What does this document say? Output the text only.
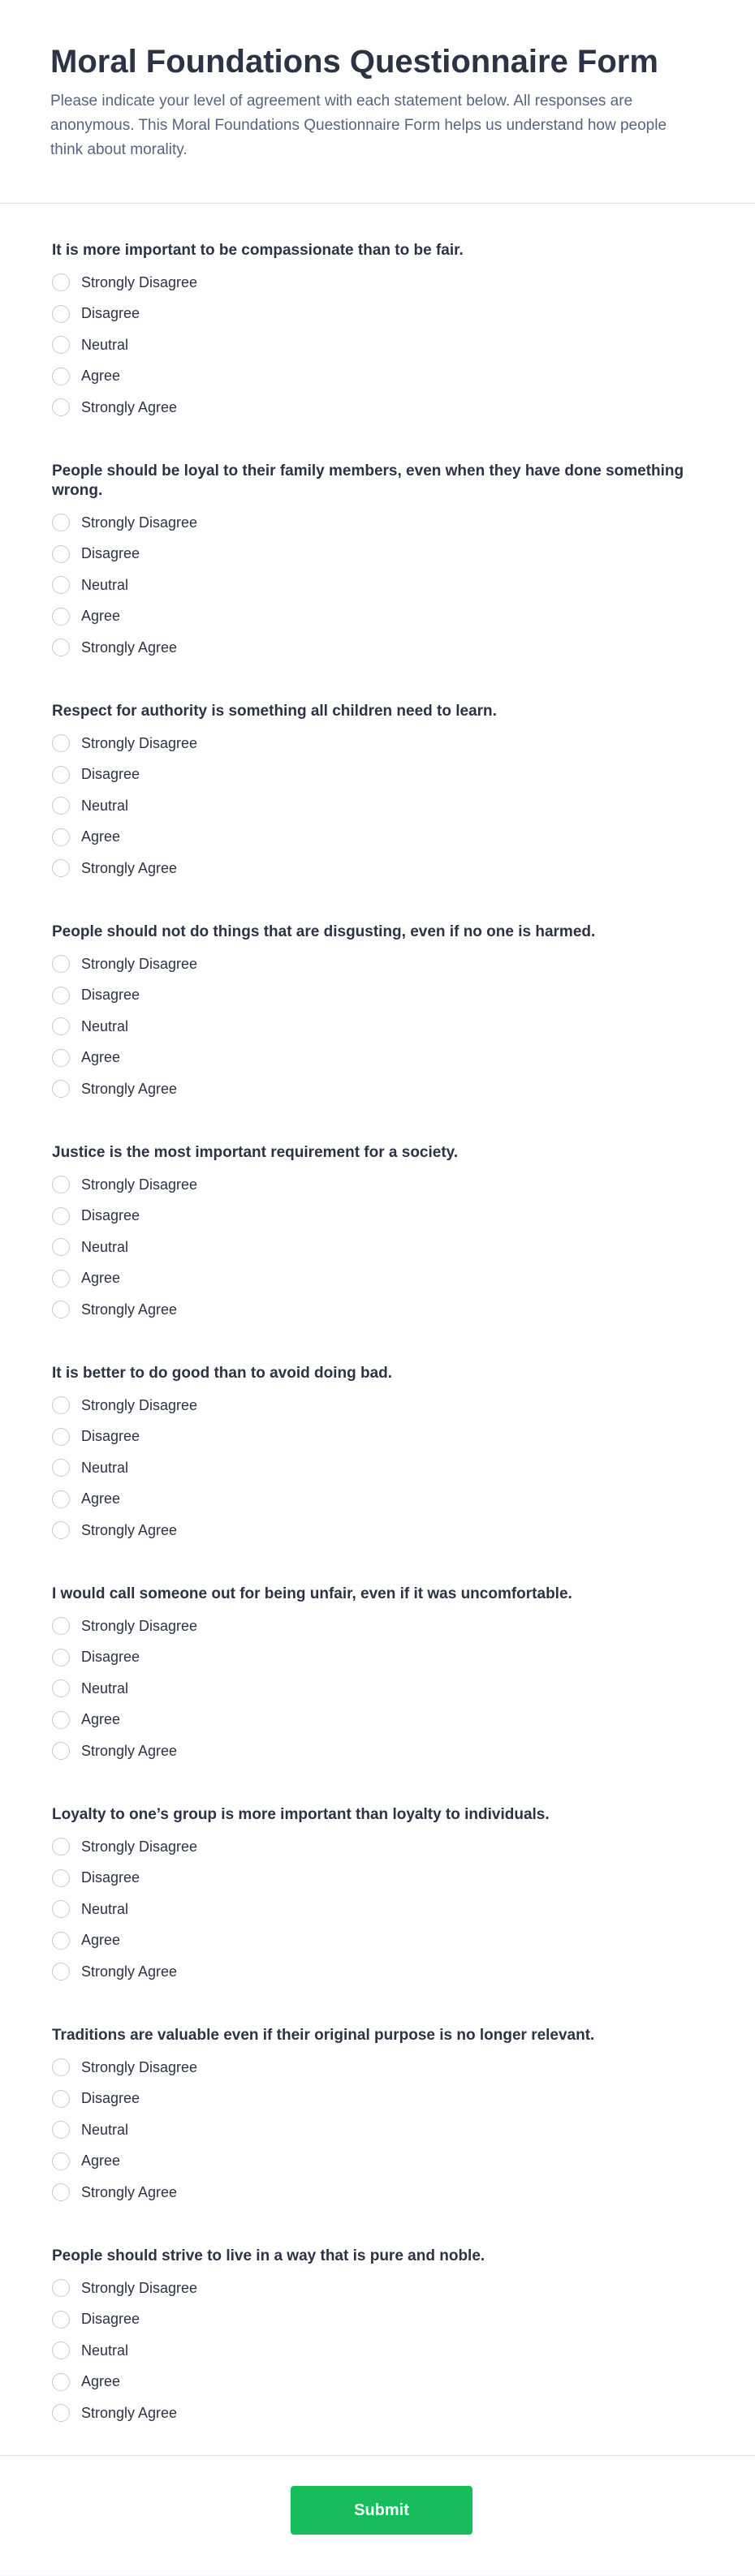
Moral Foundations Questionnaire Form

Please indicate your level of agreement with each statement below. All responses are anonymous. This Moral Foundations Questionnaire Form helps us understand how people think about morality.

It is more important to be compassionate than to be fair.
Strongly Disagree
Disagree
Neutral
Agree
Strongly Agree
People should be loyal to their family members, even when they have done something wrong.
Strongly Disagree
Disagree
Neutral
Agree
Strongly Agree
Respect for authority is something all children need to learn.
Strongly Disagree
Disagree
Neutral
Agree
Strongly Agree
People should not do things that are disgusting, even if no one is harmed.
Strongly Disagree
Disagree
Neutral
Agree
Strongly Agree
Justice is the most important requirement for a society.
Strongly Disagree
Disagree
Neutral
Agree
Strongly Agree
It is better to do good than to avoid doing bad.
Strongly Disagree
Disagree
Neutral
Agree
Strongly Agree
I would call someone out for being unfair, even if it was uncomfortable.
Strongly Disagree
Disagree
Neutral
Agree
Strongly Agree
Loyalty to one’s group is more important than loyalty to individuals.
Strongly Disagree
Disagree
Neutral
Agree
Strongly Agree
Traditions are valuable even if their original purpose is no longer relevant.
Strongly Disagree
Disagree
Neutral
Agree
Strongly Agree
People should strive to live in a way that is pure and noble.
Strongly Disagree
Disagree
Neutral
Agree
Strongly Agree
Submit
